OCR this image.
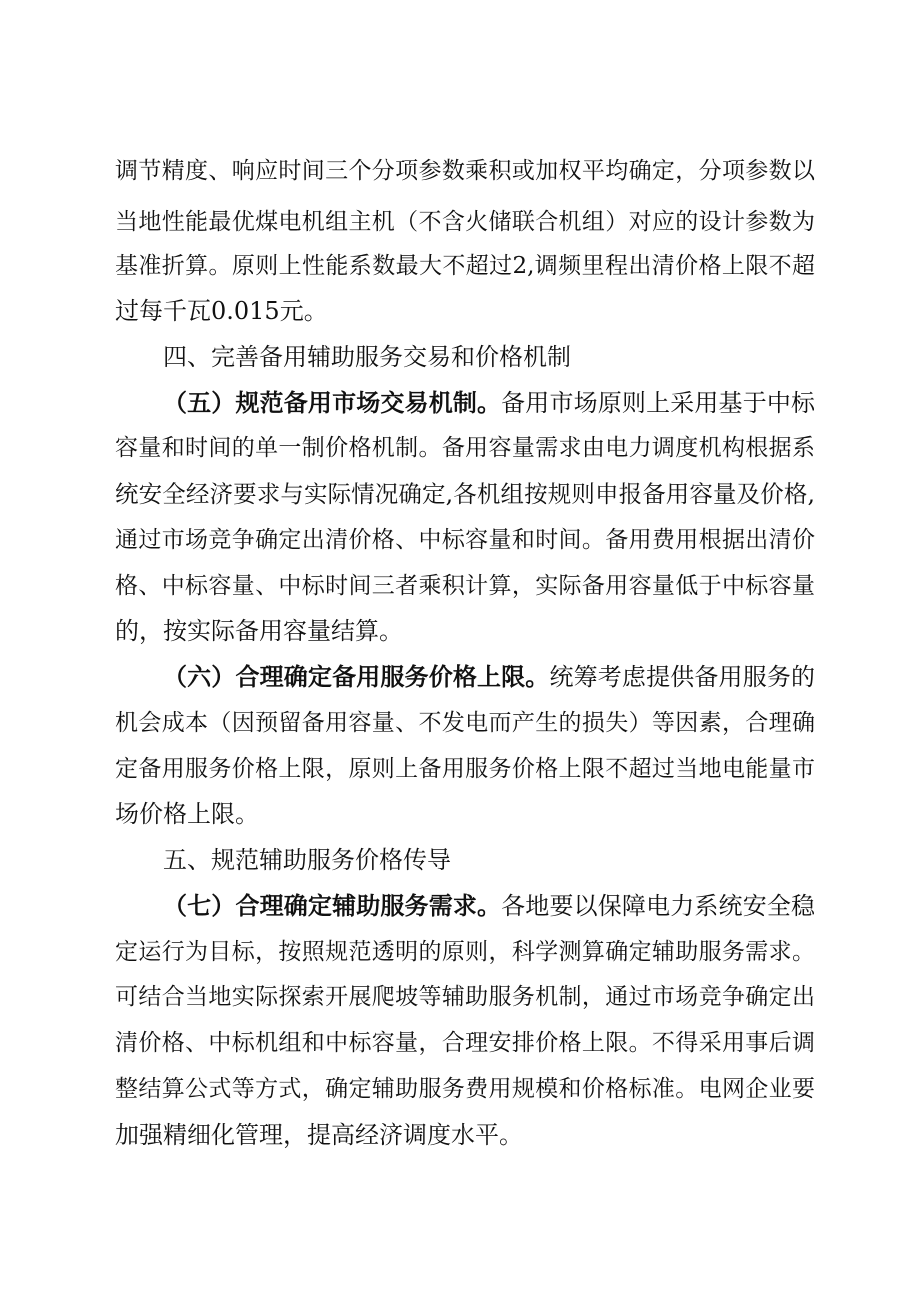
调节精度、响应时间三个分项参数乘积或加权平均确定，分项参数以
当地性能最优煤电机组主机（不含火储联合机组）对应的设计参数为
基准折算。原则上性能系数最大不超过2,调频里程出清价格上限不超
过每千瓦0.015元。
四、完善备用辅助服务交易和价格机制
（五）规范备用市场交易机制。备用市场原则上采用基于中标
容量和时间的单一制价格机制。备用容量需求由电力调度机构根据系
统安全经济要求与实际情况确定,各机组按规则申报备用容量及价格,
通过市场竞争确定出清价格、中标容量和时间。备用费用根据出清价
格、中标容量、中标时间三者乘积计算，实际备用容量低于中标容量
的，按实际备用容量结算。
（六）合理确定备用服务价格上限。统筹考虑提供备用服务的
机会成本（因预留备用容量、不发电而产生的损失）等因素，合理确
定备用服务价格上限，原则上备用服务价格上限不超过当地电能量市
场价格上限。
五、规范辅助服务价格传导
（七）合理确定辅助服务需求。各地要以保障电力系统安全稳
定运行为目标，按照规范透明的原则，科学测算确定辅助服务需求。
可结合当地实际探索开展爬坡等辅助服务机制，通过市场竞争确定出
清价格、中标机组和中标容量，合理安排价格上限。不得采用事后调
整结算公式等方式，确定辅助服务费用规模和价格标准。电网企业要
加强精细化管理，提高经济调度水平。
